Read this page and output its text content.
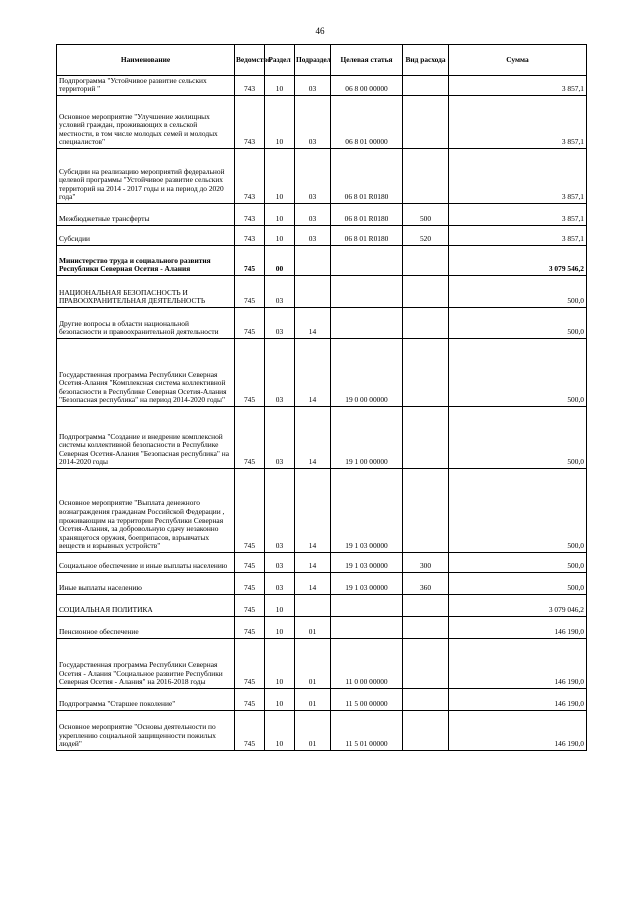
46
Наименование	Ведомство	Раздел	Подраздел	Целевая статья	Вид расхода	Сумма
Подпрограмма "Устойчивое развитие сельских территорий "	743	10	03	06 8 00 00000		3 857,1
Основное мероприятие "Улучшение жилищных условий граждан, проживающих в сельской местности, в том числе молодых семей и молодых специалистов"	743	10	03	06 8 01 00000		3 857,1
Субсидии на реализацию мероприятий федеральной целевой программы "Устойчивое развитие сельских территорий на 2014 - 2017 годы и на период до 2020 года"	743	10	03	06 8 01 R0180		3 857,1
Межбюджетные трансферты	743	10	03	06 8 01 R0180	500	3 857,1
Субсидии	743	10	03	06 8 01 R0180	520	3 857,1
Министерство труда и социального развития Республики Северная Осетия - Алания	745	00				3 079 546,2
НАЦИОНАЛЬНАЯ БЕЗОПАСНОСТЬ И ПРАВООХРАНИТЕЛЬНАЯ ДЕЯТЕЛЬНОСТЬ	745	03				500,0
Другие вопросы в области национальной безопасности и правоохранительной деятельности	745	03	14			500,0
Государственная программа Республики Северная Осетия-Алания "Комплексная система коллективной безопасности в Республике Северная Осетия-Алания "Безопасная республика" на период 2014-2020 годы"	745	03	14	19 0 00 00000		500,0
Подпрограмма "Создание и внедрение комплексной системы коллективной безопасности в Республике Северная Осетия-Алания "Безопасная республика" на 2014-2020 годы	745	03	14	19 1 00 00000		500,0
Основное мероприятие "Выплата денежного вознаграждения гражданам Российской Федерации , проживающим на территории Республики Северная Осетия-Алания, за добровольную сдачу незаконно хранящегося оружия, боеприпасов, взрывчатых веществ и взрывных устройств"	745	03	14	19 1 03 00000		500,0
Социальное обеспечение и иные выплаты населению	745	03	14	19 1 03 00000	300	500,0
Иные выплаты населению	745	03	14	19 1 03 00000	360	500,0
СОЦИАЛЬНАЯ ПОЛИТИКА	745	10				3 079 046,2
Пенсионное обеспечение	745	10	01			146 190,0
Государственная программа Республики Северная Осетия - Алания "Социальное развитие Республики Северная Осетия - Алания" на 2016-2018 годы	745	10	01	11 0 00 00000		146 190,0
Подпрограмма "Старшее поколение"	745	10	01	11 5 00 00000		146 190,0
Основное мероприятие "Основы деятельности по укреплению социальной защищенности пожилых людей"	745	10	01	11 5 01 00000		146 190,0
